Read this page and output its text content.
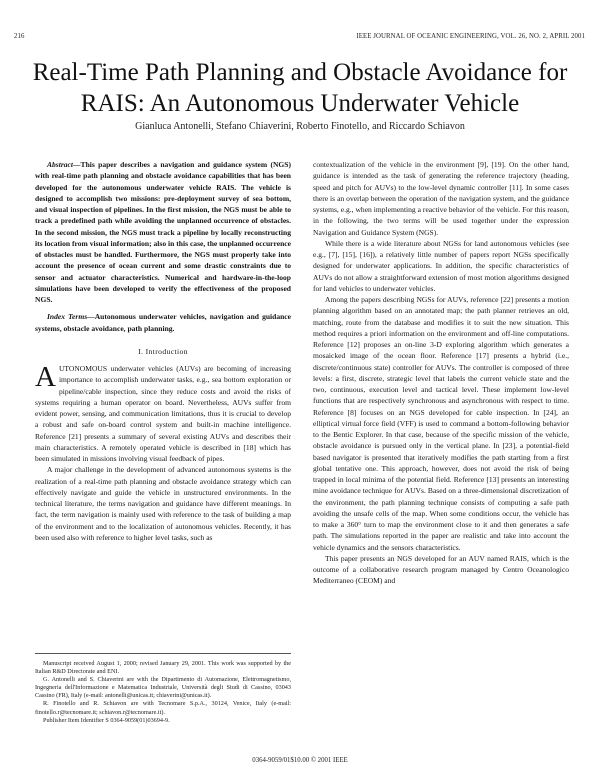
216	IEEE JOURNAL OF OCEANIC ENGINEERING, VOL. 26, NO. 2, APRIL 2001
Real-Time Path Planning and Obstacle Avoidance for
RAIS: An Autonomous Underwater Vehicle
Gianluca Antonelli, Stefano Chiaverini, Roberto Finotello, and Riccardo Schiavon

Abstract—This paper describes a navigation and guidance system (NGS) with real-time path planning and obstacle avoidance capabilities that has been developed for the autonomous underwater vehicle RAIS. The vehicle is designed to accomplish two missions: pre-deployment survey of sea bottom, and visual inspection of pipelines. In the first mission, the NGS must be able to track a predefined path while avoiding the unplanned occurrence of obstacles. In the second mission, the NGS must track a pipeline by locally reconstructing its location from visual information; also in this case, the unplanned occurrence of obstacles must be handled. Furthermore, the NGS must properly take into account the presence of ocean current and some drastic constraints due to sensor and actuator characteristics. Numerical and hardware-in-the-loop simulations have been developed to verify the effectiveness of the proposed NGS.

Index Terms—Autonomous underwater vehicles, navigation and guidance systems, obstacle avoidance, path planning.

I. Introduction

AUTONOMOUS underwater vehicles (AUVs) are becoming of increasing importance to accomplish underwater tasks, e.g., sea bottom exploration or pipeline/cable inspection, since they reduce costs and avoid the risks of systems requiring a human operator on board. Nevertheless, AUVs suffer from evident power, sensing, and communication limitations, thus it is crucial to develop a robust and safe on-board control system and built-in machine intelligence. Reference [21] presents a summary of several existing AUVs and describes their main characteristics. A remotely operated vehicle is described in [18] which has been simulated in missions involving visual feedback of pipes.

A major challenge in the development of advanced autonomous systems is the realization of a real-time path planning and obstacle avoidance strategy which can effectively navigate and guide the vehicle in unstructured environments. In the technical literature, the terms navigation and guidance have different meanings. In fact, the term navigation is mainly used with reference to the task of building a map of the environment and to the localization of autonomous vehicles. Recently, it has been used also with reference to higher level tasks, such as

Manuscript received August 1, 2000; revised January 29, 2001. This work was supported by the Italian R&D Directorate and ENI.

G. Antonelli and S. Chiaverini are with the Dipartimento di Automazione, Elettromagnetismo, Ingegneria dell'Informazione e Matematica Industriale, Università degli Studi di Cassino, 03043 Cassino (FR), Italy (e-mail: antonelli@unicas.it; chiaverini@unicas.it).

R. Finotello and R. Schiavon are with Tecnomare S.p.A., 30124, Venice, Italy (e-mail: finotello.r@tecnomare.it; schiavon.r@tecnomare.it).

Publisher Item Identifier S 0364-9059(01)03694-9.

contextualization of the vehicle in the environment [9], [19]. On the other hand, guidance is intended as the task of generating the reference trajectory (heading, speed and pitch for AUVs) to the low-level dynamic controller [11]. In some cases there is an overlap between the operation of the navigation system, and the guidance systems, e.g., when implementing a reactive behavior of the vehicle. For this reason, in the following, the two terms will be used together under the expression Navigation and Guidance System (NGS).

While there is a wide literature about NGSs for land autonomous vehicles (see e.g., [7], [15], [16]), a relatively little number of papers report NGSs specifically designed for underwater applications. In addition, the specific characteristics of AUVs do not allow a straightforward extension of most motion algorithms designed for land vehicles to underwater vehicles.

Among the papers describing NGSs for AUVs, reference [22] presents a motion planning algorithm based on an annotated map; the path planner retrieves an old, matching, route from the database and modifies it to suit the new situation. This method requires a priori information on the environment and off-line computations. Reference [12] proposes an on-line 3-D exploring algorithm which generates a mosaicked image of the ocean floor. Reference [17] presents a hybrid (i.e., discrete/continuous state) controller for AUVs. The controller is composed of three levels: a first, discrete, strategic level that labels the current vehicle state and the two, continuous, execution level and tactical level. These implement low-level functions that are respectively synchronous and asynchronous with respect to time. Reference [8] focuses on an NGS developed for cable inspection. In [24], an elliptical virtual force field (VFF) is used to command a bottom-following behavior to the Bentic Explorer. In that case, because of the specific mission of the vehicle, obstacle avoidance is pursued only in the vertical plane. In [23], a potential-field based navigator is presented that iteratively modifies the path starting from a first global tentative one. This approach, however, does not avoid the risk of being trapped in local minima of the potential field. Reference [13] presents an interesting mine avoidance technique for AUVs. Based on a three-dimensional discretization of the environment, the path planning technique consists of computing a safe path avoiding the unsafe cells of the map. When some conditions occur, the vehicle has to make a 360° turn to map the environment close to it and then generates a safe path. The simulations reported in the paper are realistic and take into account the vehicle dynamics and the sensors characteristics.

This paper presents an NGS developed for an AUV named RAIS, which is the outcome of a collaborative research program managed by Centro Oceanologico Mediterraneo (CEOM) and

0364-9059/01$10.00 © 2001 IEEE
